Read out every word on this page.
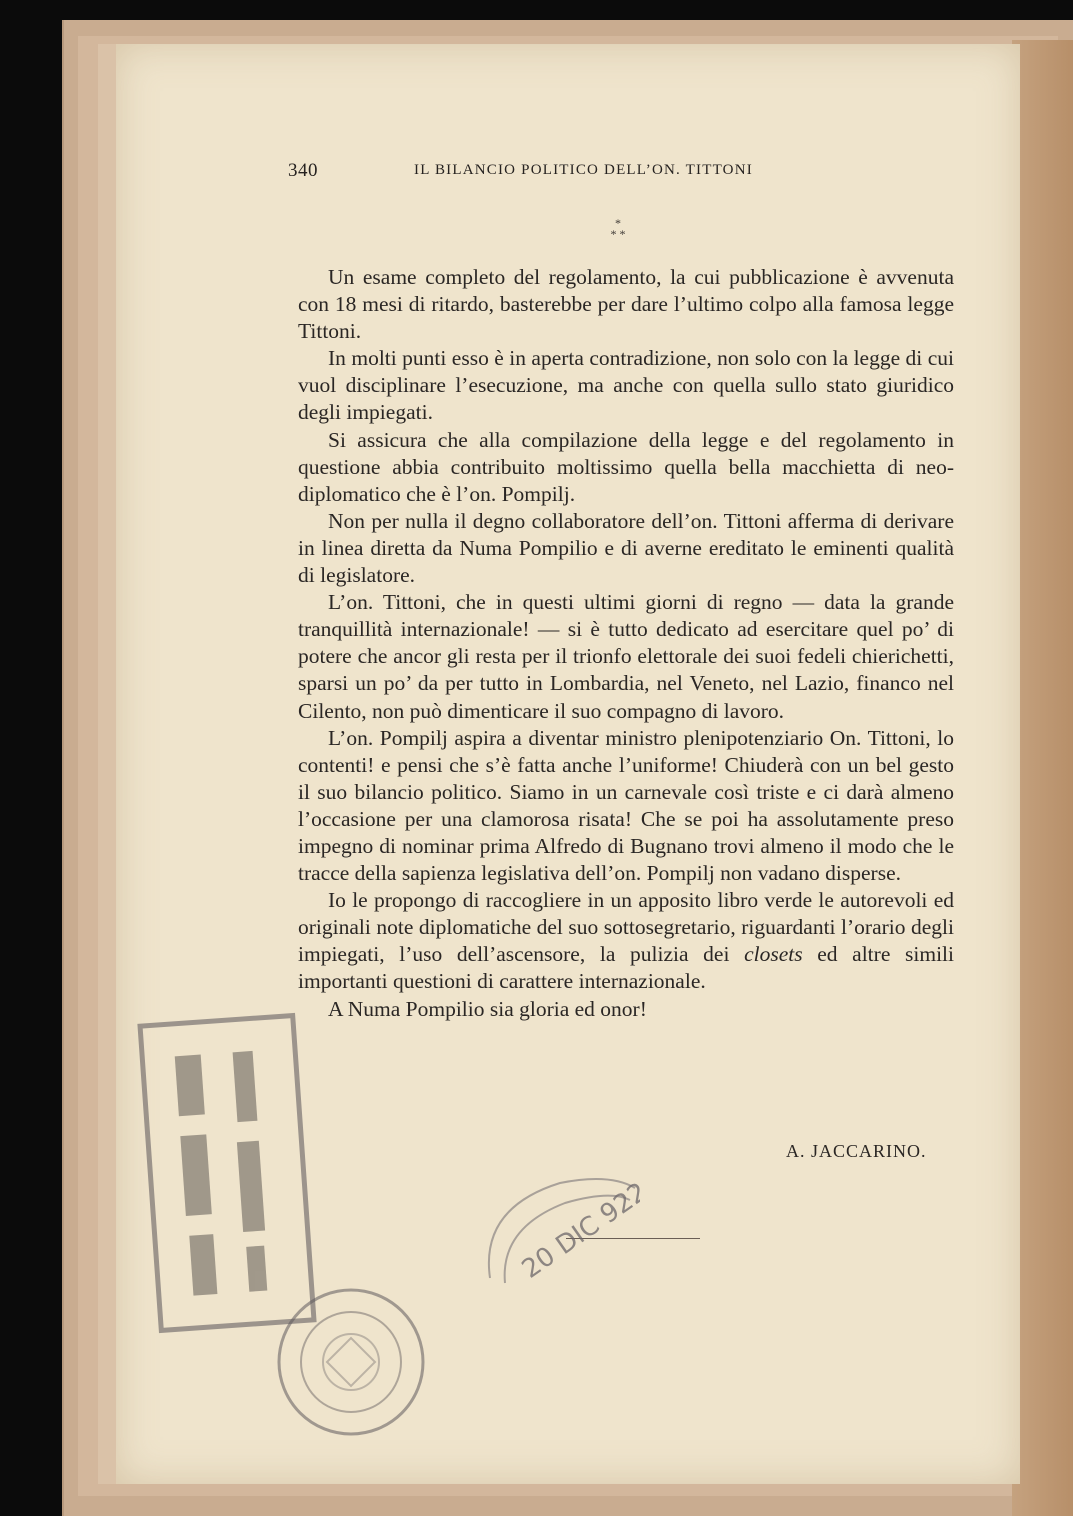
340	IL BILANCIO POLITICO DELL’ON. TITTONI
*
* *

Un esame completo del regolamento, la cui pubblicazione è avvenuta con 18 mesi di ritardo, basterebbe per dare l’ultimo colpo alla famosa legge Tittoni.

In molti punti esso è in aperta contradizione, non solo con la legge di cui vuol disciplinare l’esecuzione, ma anche con quella sullo stato giuridico degli impiegati.

Si assicura che alla compilazione della legge e del regolamento in questione abbia contribuito moltissimo quella bella macchietta di neo-diplomatico che è l’on. Pompilj.

Non per nulla il degno collaboratore dell’on. Tittoni afferma di derivare in linea diretta da Numa Pompilio e di averne ereditato le eminenti qualità di legislatore.

L’on. Tittoni, che in questi ultimi giorni di regno — data la grande tranquillità internazionale! — si è tutto dedicato ad esercitare quel po’ di potere che ancor gli resta per il trionfo elettorale dei suoi fedeli chierichetti, sparsi un po’ da per tutto in Lombardia, nel Veneto, nel Lazio, financo nel Cilento, non può dimenticare il suo compagno di lavoro.

L’on. Pompilj aspira a diventar ministro plenipotenziario On. Tittoni, lo contenti! e pensi che s’è fatta anche l’uniforme! Chiuderà con un bel gesto il suo bilancio politico. Siamo in un carnevale così triste e ci darà almeno l’occasione per una clamorosa risata! Che se poi ha assolutamente preso impegno di nominar prima Alfredo di Bugnano trovi almeno il modo che le tracce della sapienza legislativa dell’on. Pompilj non vadano disperse.

Io le propongo di raccogliere in un apposito libro verde le autorevoli ed originali note diplomatiche del suo sottosegretario, riguardanti l’orario degli impiegati, l’uso dell’ascensore, la pulizia dei closets ed altre simili importanti questioni di carattere internazionale.

A Numa Pompilio sia gloria ed onor!

A. JACCARINO.
20 DIC 922
